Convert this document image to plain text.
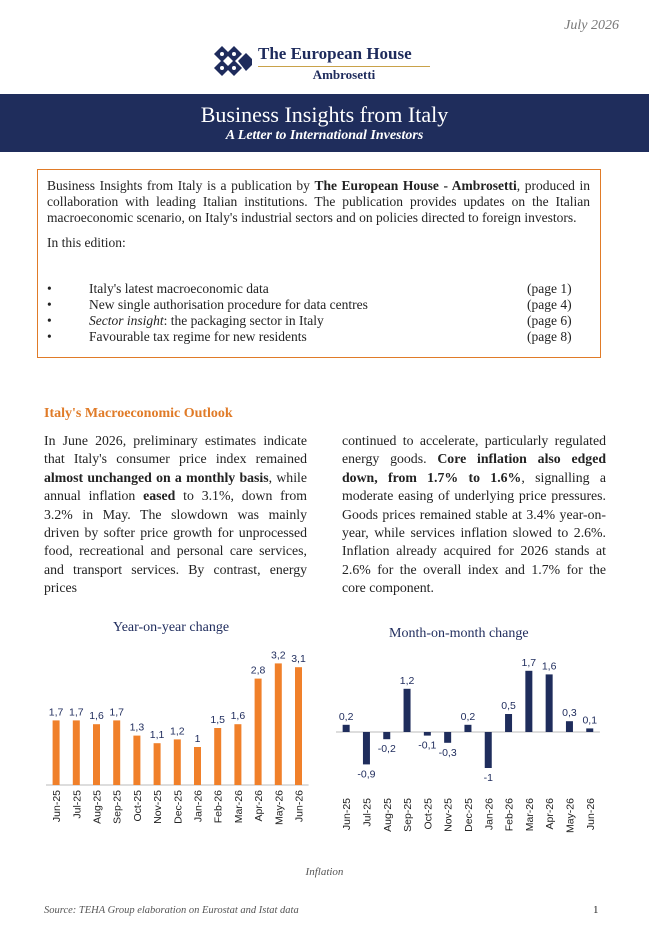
July 2026
The European House
Ambrosetti
Business Insights from Italy
A Letter to International Investors

Business Insights from Italy is a publication by The European House - Ambrosetti, produced in collaboration with leading Italian institutions. The publication provides updates on the Italian macroeconomic scenario, on Italy's industrial sectors and on policies directed to foreign investors.

In this edition:
•	Italy's latest macroeconomic data	(page 1)
•	New single authorisation procedure for data centres	(page 4)
•	Sector insight: the packaging sector in Italy	(page 6)
•	Favourable tax regime for new residents	(page 8)
Italy's Macroeconomic Outlook
In June 2026, preliminary estimates indicate that Italy's consumer price index remained almost unchanged on a monthly basis, while annual inflation eased to 3.1%, down from 3.2% in May. The slowdown was mainly driven by softer price growth for unprocessed food, recreational and personal care services, and transport services. By contrast, energy prices
continued to accelerate, particularly regulated energy goods. Core inflation also edged down, from 1.7% to 1.6%, signalling a moderate easing of underlying price pressures. Goods prices remained stable at 3.4% year-on-year, while services inflation slowed to 2.6%. Inflation already acquired for 2026 stands at 2.6% for the overall index and 1.7% for the core component.
Year-on-year change	Month-on-month change
1,7
Jun-25
1,7
Jul-25
1,6
Aug-25
1,7
Sep-25
1,3
Oct-25
1,1
Nov-25
1,2
Dec-25
1
Jan-26
1,5
Feb-26
1,6
Mar-26
2,8
Apr-26
3,2
May-26
3,1
Jun-26
0,2
Jun-25
-0,9
Jul-25
-0,2
Aug-25
1,2
Sep-25
-0,1
Oct-25
-0,3
Nov-25
0,2
Dec-25
-1
Jan-26
0,5
Feb-26
1,7
Mar-26
1,6
Apr-26
0,3
May-26
0,1
Jun-26
Inflation
Source: TEHA Group elaboration on Eurostat and Istat data	1
